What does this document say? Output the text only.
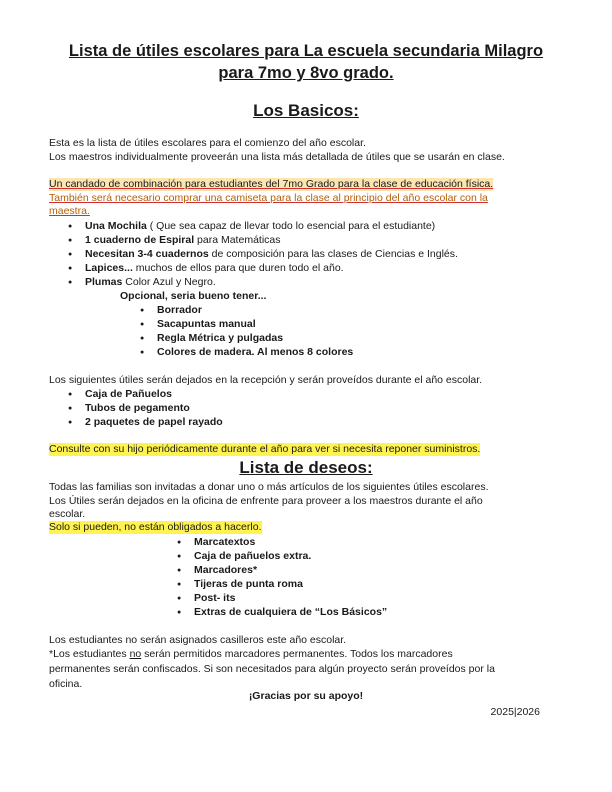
Lista de útiles escolares para La escuela secundaria Milagro
para 7mo y 8vo grado.
Los Basicos:
Esta es la lista de útiles escolares para el comienzo del año escolar.
Los maestros individualmente proveerán una lista más detallada de útiles que se usarán en clase.
Un candado de combinación para estudiantes del 7mo Grado para la clase de educación física.
También será necesario comprar una camiseta para la clase al principio del año escolar con la
maestra.
● Una Mochila ( Que sea capaz de llevar todo lo esencial para el estudiante)
● 1 cuaderno de Espiral para Matemáticas
● Necesitan 3-4 cuadernos de composición para las clases de Ciencias e Inglés.
● Lapices... muchos de ellos para que duren todo el año.
● Plumas Color Azul y Negro.
Opcional, seria bueno tener...
● Borrador
● Sacapuntas manual
● Regla Métrica y pulgadas
● Colores de madera. Al menos 8 colores
Los siguientes útiles serán dejados en la recepción y serán proveídos durante el año escolar.
● Caja de Pañuelos
● Tubos de pegamento
● 2 paquetes de papel rayado
Consulte con su hijo periódicamente durante el año para ver si necesita reponer suministros.
Lista de deseos:
Todas las familias son invitadas a donar uno o más artículos de los siguientes útiles escolares.
Los Útiles serán dejados en la oficina de enfrente para proveer a los maestros durante el año
escolar.
Solo si pueden, no están obligados a hacerlo.
● Marcatextos
● Caja de pañuelos extra.
● Marcadores*
● Tijeras de punta roma
● Post- its
● Extras de cualquiera de “Los Básicos”
Los estudiantes no serán asignados casilleros este año escolar.
*Los estudiantes no serán permitidos marcadores permanentes. Todos los marcadores
permanentes serán confiscados. Si son necesitados para algún proyecto serán proveídos por la
oficina.
¡Gracias por su apoyo!
2025|2026
